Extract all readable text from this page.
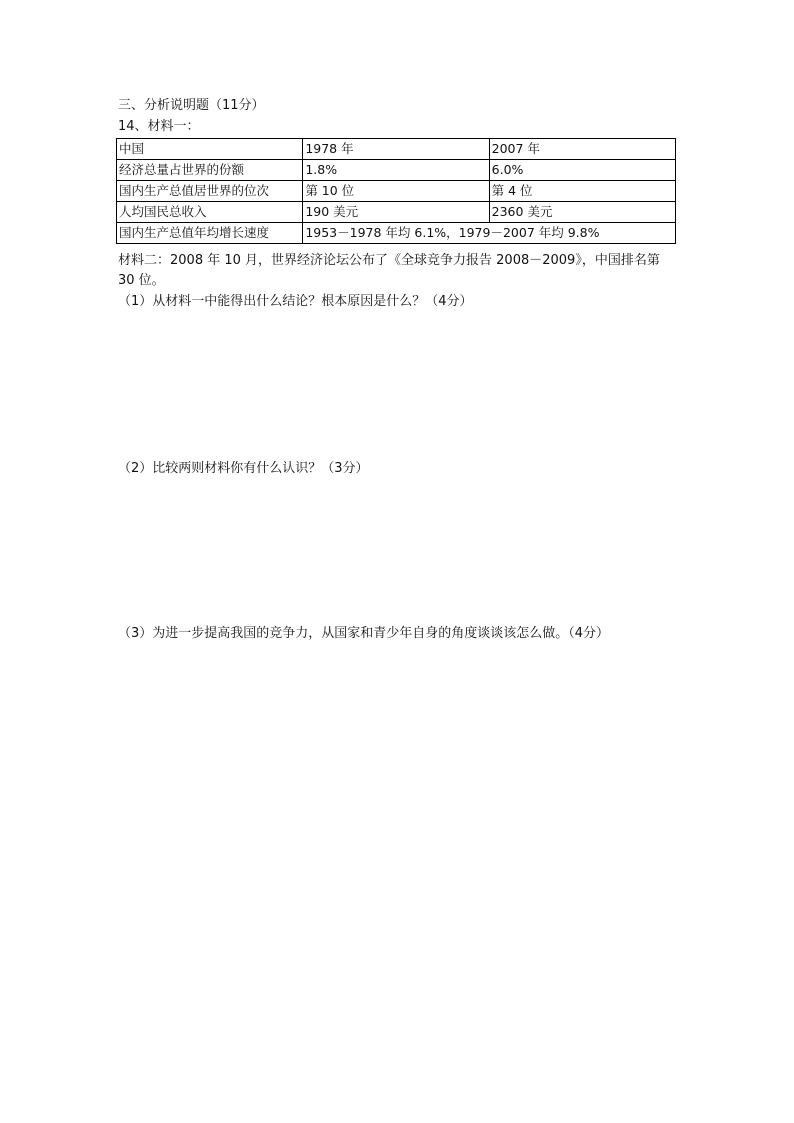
三、分析说明题（11分）
14、材料一：
中国	1978 年	2007 年
经济总量占世界的份额	1.8%	6.0%
国内生产总值居世界的位次	第 10 位	第 4 位
人均国民总收入	190 美元	2360 美元
国内生产总值年均增长速度	1953－1978 年均 6.1%，1979－2007 年均 9.8%	
材料二：2008 年 10 月，世界经济论坛公布了《全球竞争力报告 2008－2009》，中国排名第
30 位。
（1）从材料一中能得出什么结论？根本原因是什么？（4分）
（2）比较两则材料你有什么认识？（3分）
（3）为进一步提高我国的竞争力，从国家和青少年自身的角度谈谈该怎么做。（4分）
